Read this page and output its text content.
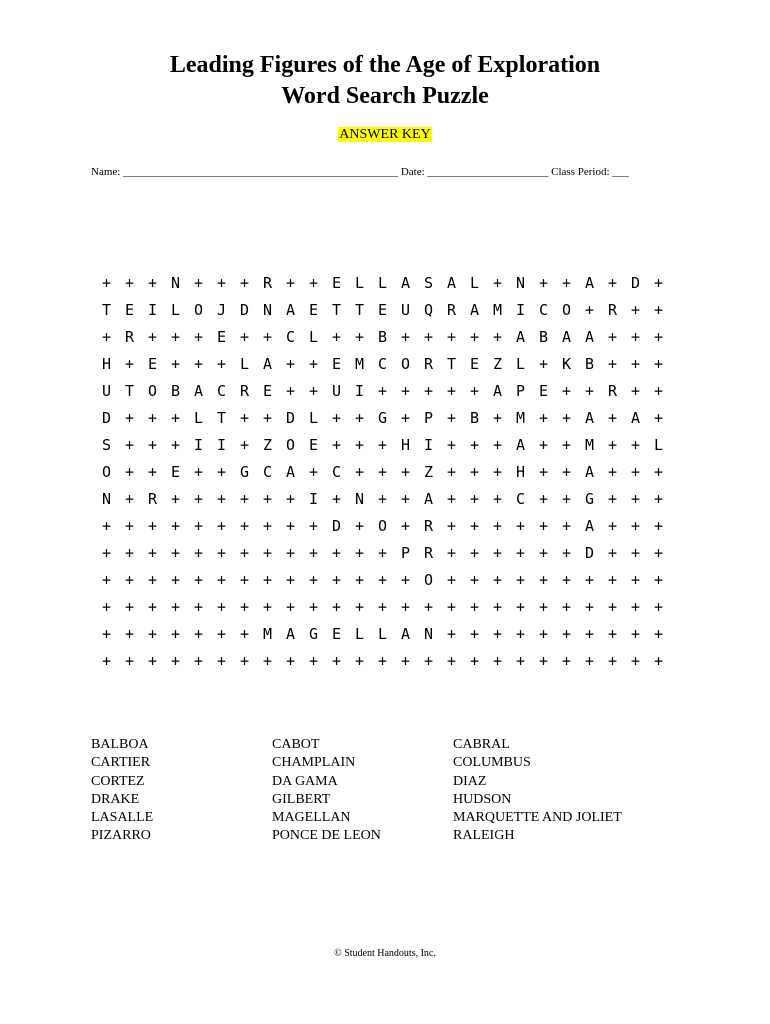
Leading Figures of the Age of Exploration
Word Search Puzzle
ANSWER KEY
Name: __________________________________________________ Date: ______________________ Class Period: ___
+ + + N + + + R + + E L L A S A L + N + + A + D +
T E I L O J D N A E T T E U Q R A M I C O + R + +
+ R + + + E + + C L + + B + + + + + A B A A + + +
H + E + + + L A + + E M C O R T E Z L + K B + + +
U T O B A C R E + + U I + + + + + A P E + + R + +
D + + + L T + + D L + + G + P + B + M + + A + A +
S + + + I I + Z O E + + + H I + + + A + + M + + L
O + + E + + G C A + C + + + Z + + + H + + A + + +
N + R + + + + + + I + N + + A + + + C + + G + + +
+ + + + + + + + + + D + O + R + + + + + + A + + +
+ + + + + + + + + + + + + P R + + + + + + D + + +
+ + + + + + + + + + + + + + O + + + + + + + + + +
+ + + + + + + + + + + + + + + + + + + + + + + + +
+ + + + + + + M A G E L L A N + + + + + + + + + +
+ + + + + + + + + + + + + + + + + + + + + + + + +
BALBOA
CARTIER
CORTEZ
DRAKE
LASALLE
PIZARRO
CABOT
CHAMPLAIN
DA GAMA
GILBERT
MAGELLAN
PONCE DE LEON
CABRAL
COLUMBUS
DIAZ
HUDSON
MARQUETTE AND JOLIET
RALEIGH
© Student Handouts, Inc.
